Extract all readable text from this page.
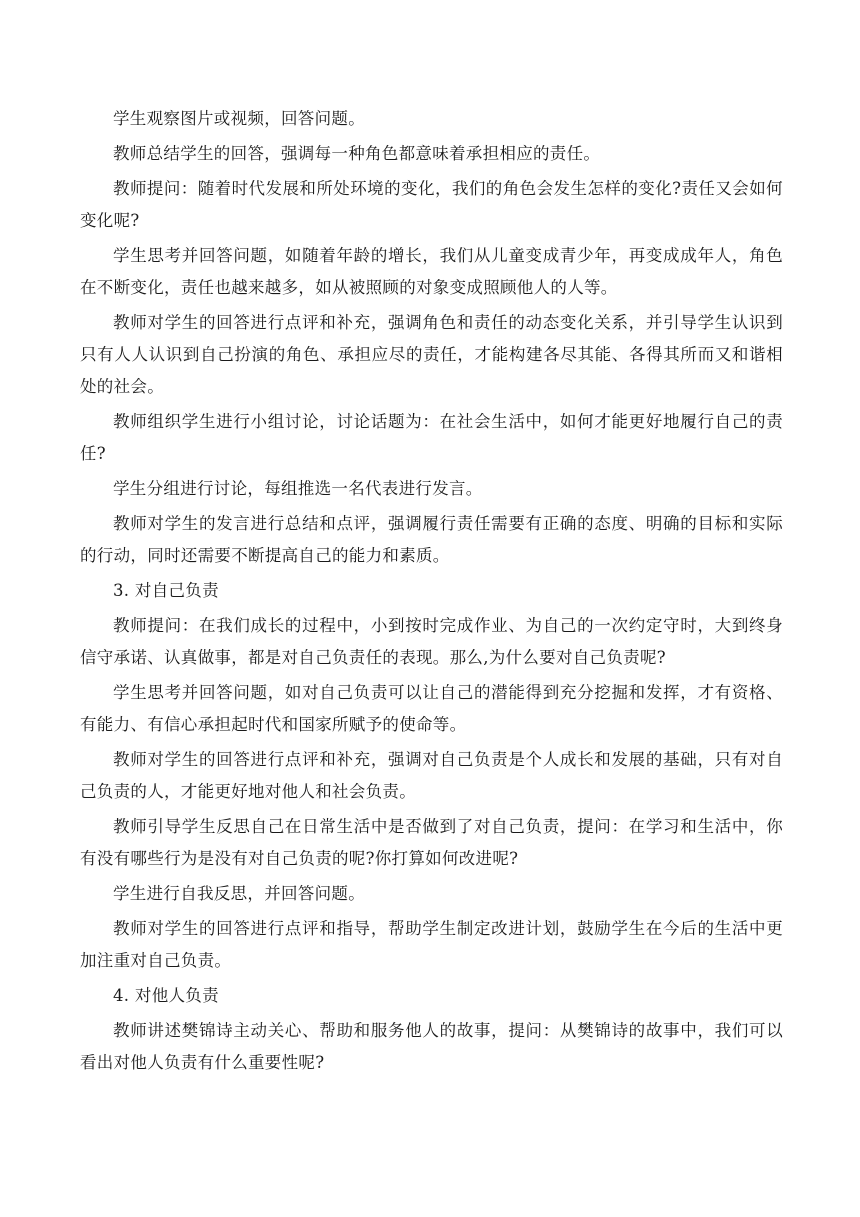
学生观察图片或视频，回答问题。

教师总结学生的回答，强调每一种角色都意味着承担相应的责任。

教师提问：随着时代发展和所处环境的变化，我们的角色会发生怎样的变化?责任又会如何变化呢?

学生思考并回答问题，如随着年龄的增长，我们从儿童变成青少年，再变成成年人，角色在不断变化，责任也越来越多，如从被照顾的对象变成照顾他人的人等。

教师对学生的回答进行点评和补充，强调角色和责任的动态变化关系，并引导学生认识到只有人人认识到自己扮演的角色、承担应尽的责任，才能构建各尽其能、各得其所而又和谐相处的社会。

教师组织学生进行小组讨论，讨论话题为：在社会生活中，如何才能更好地履行自己的责任?

学生分组进行讨论，每组推选一名代表进行发言。

教师对学生的发言进行总结和点评，强调履行责任需要有正确的态度、明确的目标和实际的行动，同时还需要不断提高自己的能力和素质。

3. 对自己负责

教师提问：在我们成长的过程中，小到按时完成作业、为自己的一次约定守时，大到终身信守承诺、认真做事，都是对自己负责任的表现。那么,为什么要对自己负责呢?

学生思考并回答问题，如对自己负责可以让自己的潜能得到充分挖掘和发挥，才有资格、有能力、有信心承担起时代和国家所赋予的使命等。

教师对学生的回答进行点评和补充，强调对自己负责是个人成长和发展的基础，只有对自己负责的人，才能更好地对他人和社会负责。

教师引导学生反思自己在日常生活中是否做到了对自己负责，提问：在学习和生活中，你有没有哪些行为是没有对自己负责的呢?你打算如何改进呢?

学生进行自我反思，并回答问题。

教师对学生的回答进行点评和指导，帮助学生制定改进计划，鼓励学生在今后的生活中更加注重对自己负责。

4. 对他人负责

教师讲述樊锦诗主动关心、帮助和服务他人的故事，提问：从樊锦诗的故事中，我们可以看出对他人负责有什么重要性呢?
